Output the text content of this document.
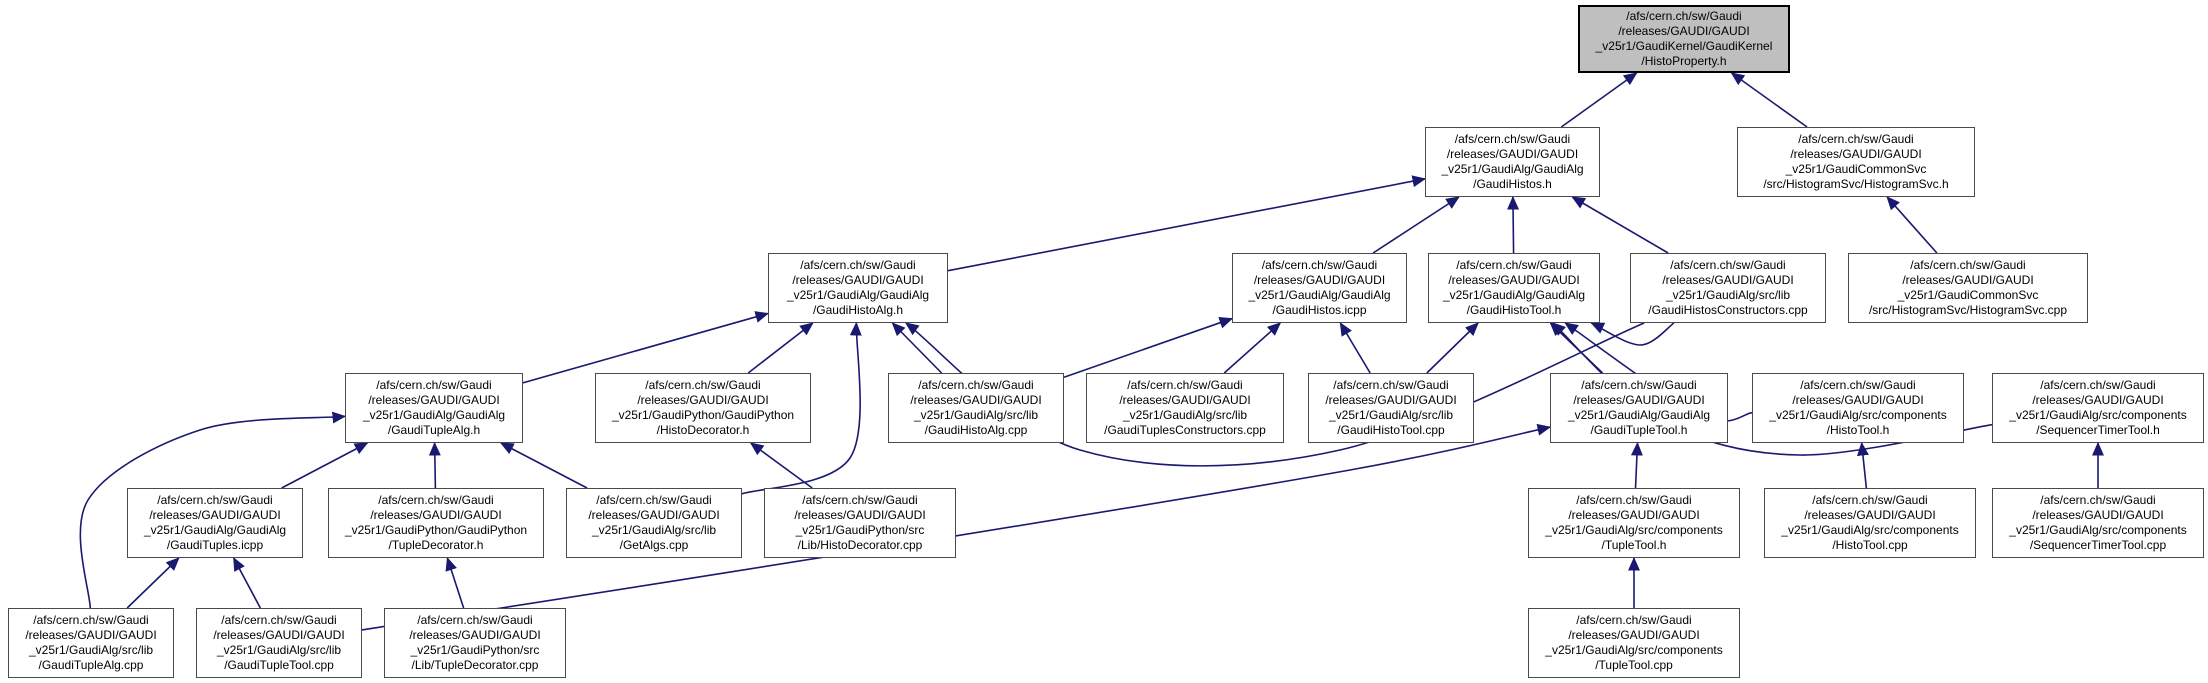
/afs/cern.ch/sw/Gaudi
/releases/GAUDI/GAUDI
_v25r1/GaudiKernel/GaudiKernel
/HistoProperty.h
/afs/cern.ch/sw/Gaudi
/releases/GAUDI/GAUDI
_v25r1/GaudiAlg/GaudiAlg
/GaudiHistos.h
/afs/cern.ch/sw/Gaudi
/releases/GAUDI/GAUDI
_v25r1/GaudiCommonSvc
/src/HistogramSvc/HistogramSvc.h
/afs/cern.ch/sw/Gaudi
/releases/GAUDI/GAUDI
_v25r1/GaudiAlg/GaudiAlg
/GaudiHistoAlg.h
/afs/cern.ch/sw/Gaudi
/releases/GAUDI/GAUDI
_v25r1/GaudiAlg/GaudiAlg
/GaudiHistos.icpp
/afs/cern.ch/sw/Gaudi
/releases/GAUDI/GAUDI
_v25r1/GaudiAlg/GaudiAlg
/GaudiHistoTool.h
/afs/cern.ch/sw/Gaudi
/releases/GAUDI/GAUDI
_v25r1/GaudiAlg/src/lib
/GaudiHistosConstructors.cpp
/afs/cern.ch/sw/Gaudi
/releases/GAUDI/GAUDI
_v25r1/GaudiCommonSvc
/src/HistogramSvc/HistogramSvc.cpp
/afs/cern.ch/sw/Gaudi
/releases/GAUDI/GAUDI
_v25r1/GaudiAlg/GaudiAlg
/GaudiTupleAlg.h
/afs/cern.ch/sw/Gaudi
/releases/GAUDI/GAUDI
_v25r1/GaudiPython/GaudiPython
/HistoDecorator.h
/afs/cern.ch/sw/Gaudi
/releases/GAUDI/GAUDI
_v25r1/GaudiAlg/src/lib
/GaudiHistoAlg.cpp
/afs/cern.ch/sw/Gaudi
/releases/GAUDI/GAUDI
_v25r1/GaudiAlg/src/lib
/GaudiTuplesConstructors.cpp
/afs/cern.ch/sw/Gaudi
/releases/GAUDI/GAUDI
_v25r1/GaudiAlg/src/lib
/GaudiHistoTool.cpp
/afs/cern.ch/sw/Gaudi
/releases/GAUDI/GAUDI
_v25r1/GaudiAlg/GaudiAlg
/GaudiTupleTool.h
/afs/cern.ch/sw/Gaudi
/releases/GAUDI/GAUDI
_v25r1/GaudiAlg/src/components
/HistoTool.h
/afs/cern.ch/sw/Gaudi
/releases/GAUDI/GAUDI
_v25r1/GaudiAlg/src/components
/SequencerTimerTool.h
/afs/cern.ch/sw/Gaudi
/releases/GAUDI/GAUDI
_v25r1/GaudiAlg/GaudiAlg
/GaudiTuples.icpp
/afs/cern.ch/sw/Gaudi
/releases/GAUDI/GAUDI
_v25r1/GaudiPython/GaudiPython
/TupleDecorator.h
/afs/cern.ch/sw/Gaudi
/releases/GAUDI/GAUDI
_v25r1/GaudiAlg/src/lib
/GetAlgs.cpp
/afs/cern.ch/sw/Gaudi
/releases/GAUDI/GAUDI
_v25r1/GaudiPython/src
/Lib/HistoDecorator.cpp
/afs/cern.ch/sw/Gaudi
/releases/GAUDI/GAUDI
_v25r1/GaudiAlg/src/components
/TupleTool.h
/afs/cern.ch/sw/Gaudi
/releases/GAUDI/GAUDI
_v25r1/GaudiAlg/src/components
/HistoTool.cpp
/afs/cern.ch/sw/Gaudi
/releases/GAUDI/GAUDI
_v25r1/GaudiAlg/src/components
/SequencerTimerTool.cpp
/afs/cern.ch/sw/Gaudi
/releases/GAUDI/GAUDI
_v25r1/GaudiAlg/src/lib
/GaudiTupleAlg.cpp
/afs/cern.ch/sw/Gaudi
/releases/GAUDI/GAUDI
_v25r1/GaudiAlg/src/lib
/GaudiTupleTool.cpp
/afs/cern.ch/sw/Gaudi
/releases/GAUDI/GAUDI
_v25r1/GaudiPython/src
/Lib/TupleDecorator.cpp
/afs/cern.ch/sw/Gaudi
/releases/GAUDI/GAUDI
_v25r1/GaudiAlg/src/components
/TupleTool.cpp
